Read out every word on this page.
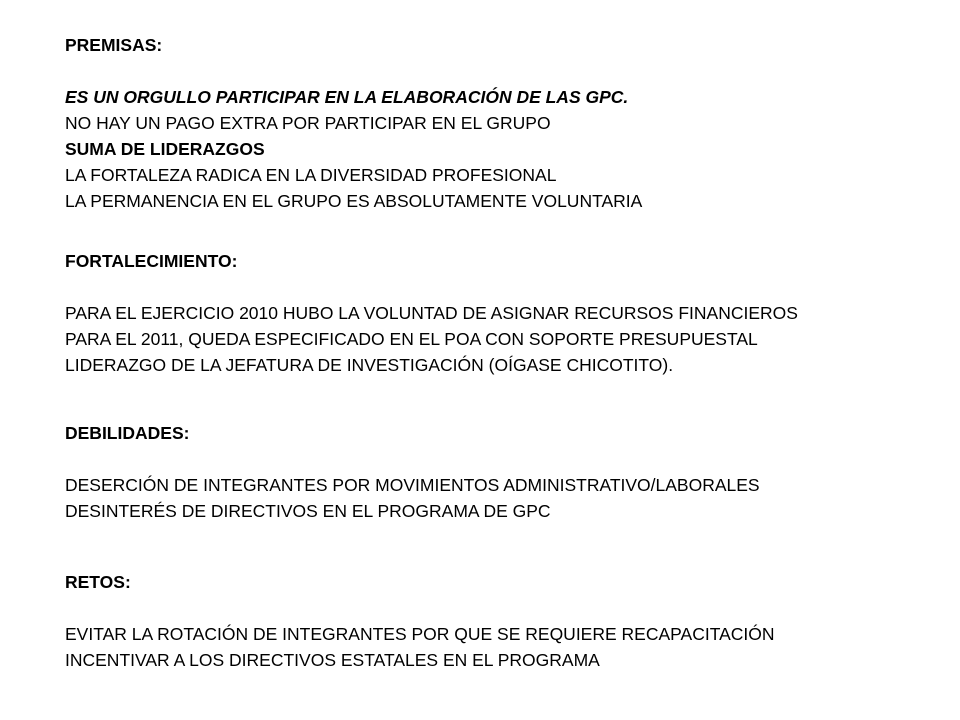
PREMISAS:
ES UN ORGULLO PARTICIPAR EN LA ELABORACIÓN DE LAS GPC.
NO HAY UN PAGO EXTRA POR PARTICIPAR EN EL GRUPO
SUMA DE LIDERAZGOS
LA FORTALEZA RADICA EN LA DIVERSIDAD PROFESIONAL
LA PERMANENCIA EN EL GRUPO ES ABSOLUTAMENTE VOLUNTARIA
FORTALECIMIENTO:
PARA EL EJERCICIO 2010 HUBO LA VOLUNTAD DE ASIGNAR RECURSOS FINANCIEROS
PARA EL 2011, QUEDA ESPECIFICADO EN EL POA CON SOPORTE PRESUPUESTAL
LIDERAZGO DE LA JEFATURA DE INVESTIGACIÓN (OÍGASE CHICOTITO).
DEBILIDADES:
DESERCIÓN DE INTEGRANTES POR MOVIMIENTOS ADMINISTRATIVO/LABORALES
DESINTERÉS DE DIRECTIVOS EN EL PROGRAMA DE GPC
RETOS:
EVITAR LA ROTACIÓN DE INTEGRANTES POR QUE SE REQUIERE RECAPACITACIÓN
INCENTIVAR A LOS DIRECTIVOS ESTATALES EN EL PROGRAMA
